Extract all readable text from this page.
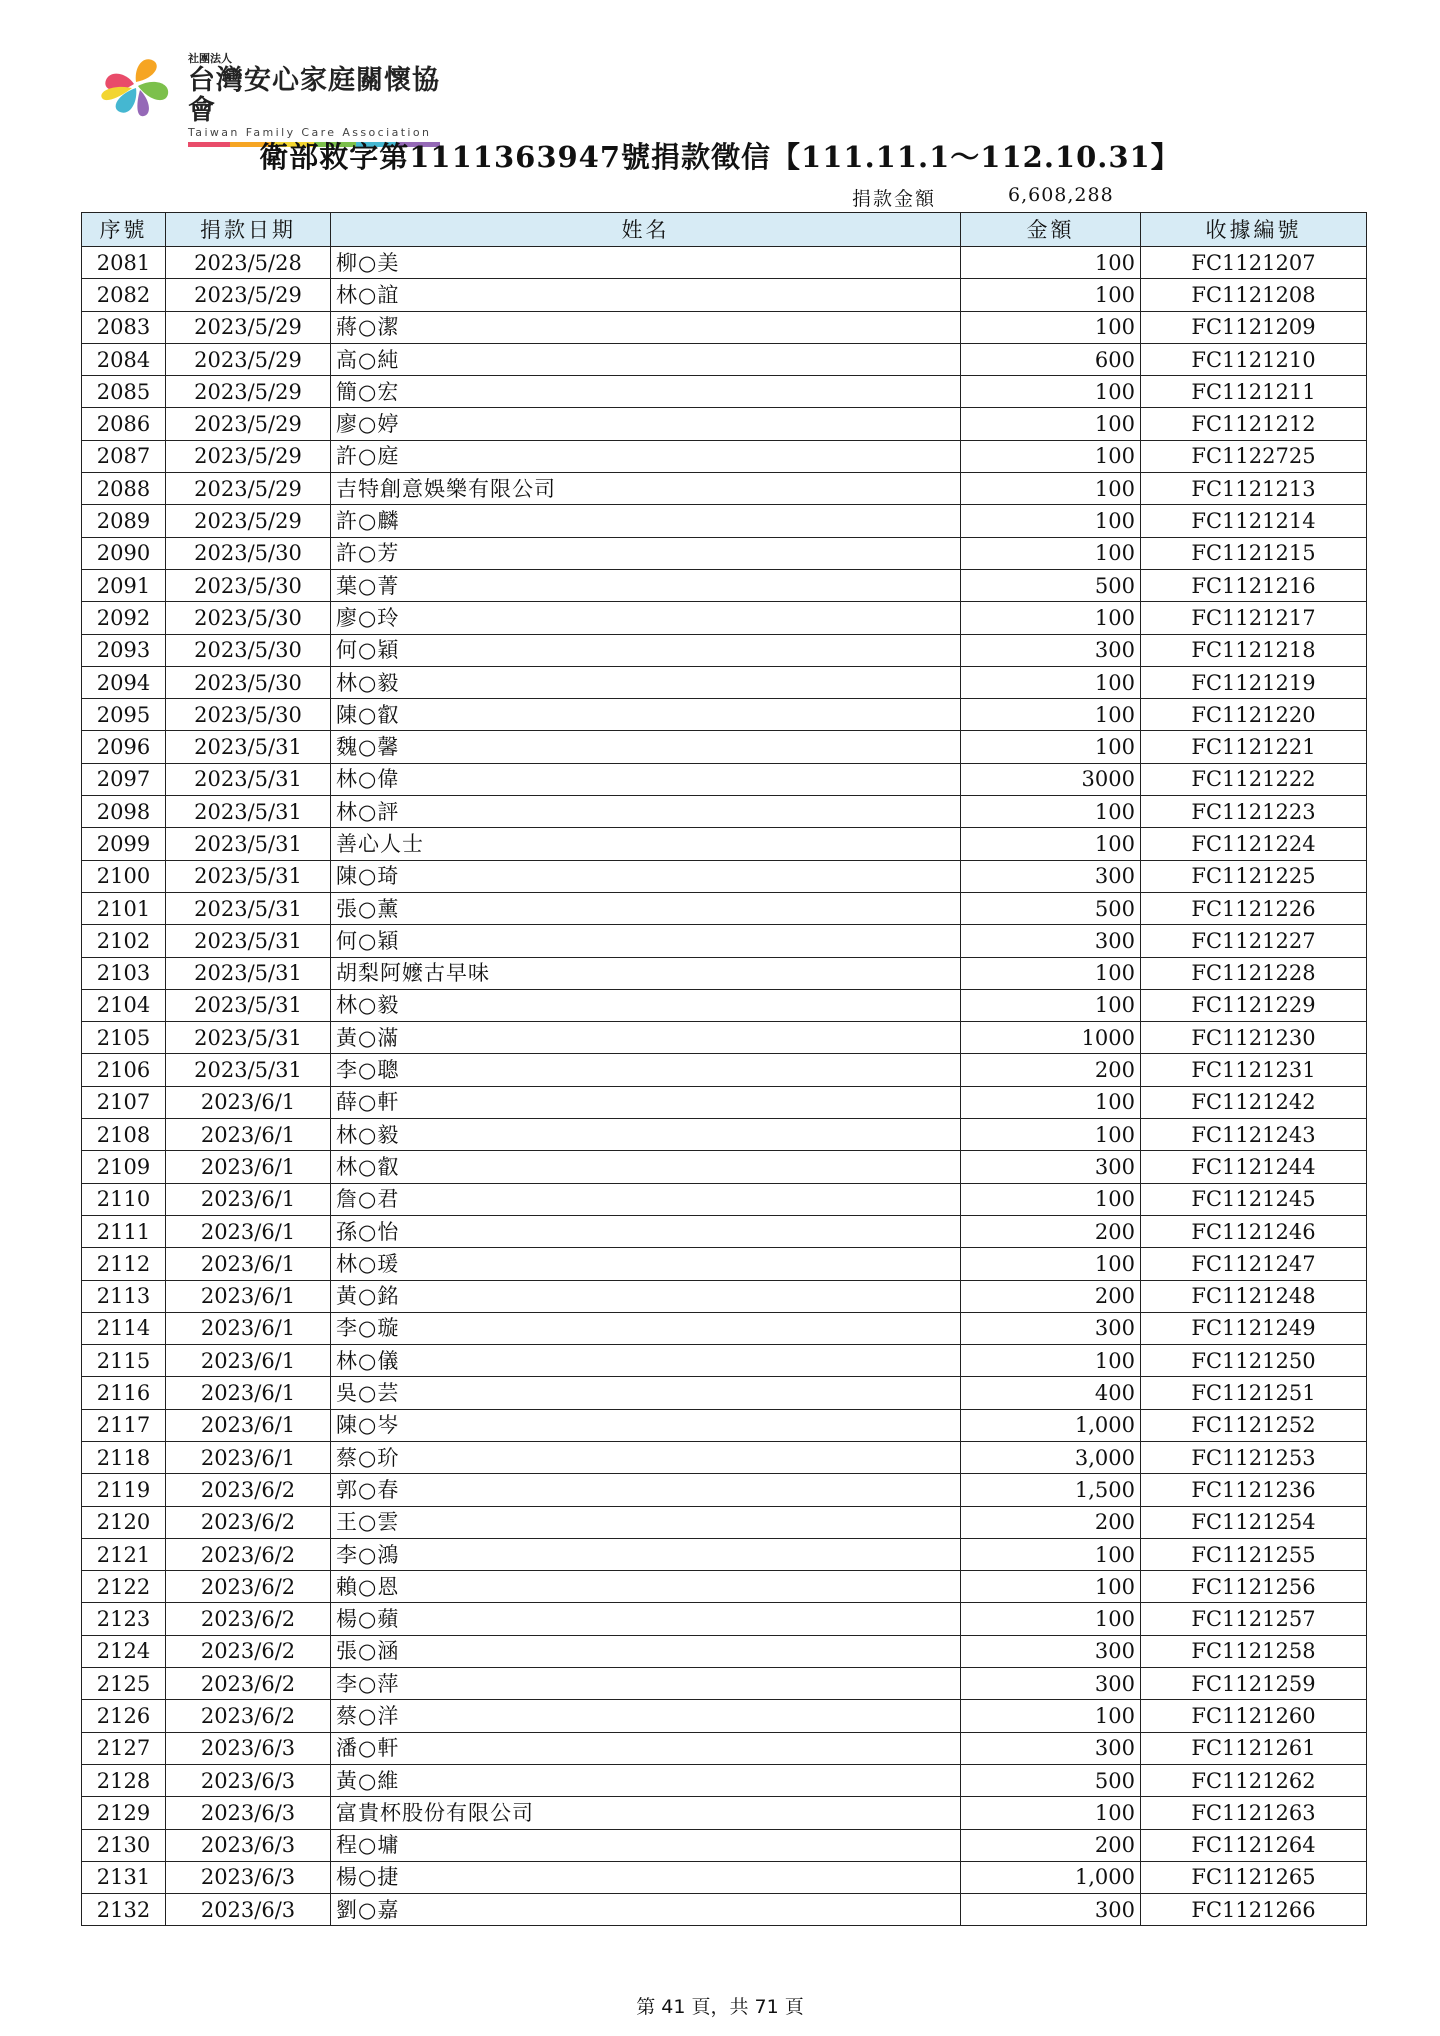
社團法人
台灣安心家庭關懷協會
Taiwan Family Care Association
衛部救字第1111363947號捐款徵信【111.11.1～112.10.31】
捐款金額	6,608,288
序號	捐款日期	姓名	金額	收據編號
2081	2023/5/28	柳○美	100	FC1121207
2082	2023/5/29	林○誼	100	FC1121208
2083	2023/5/29	蔣○潔	100	FC1121209
2084	2023/5/29	高○純	600	FC1121210
2085	2023/5/29	簡○宏	100	FC1121211
2086	2023/5/29	廖○婷	100	FC1121212
2087	2023/5/29	許○庭	100	FC1122725
2088	2023/5/29	吉特創意娛樂有限公司	100	FC1121213
2089	2023/5/29	許○麟	100	FC1121214
2090	2023/5/30	許○芳	100	FC1121215
2091	2023/5/30	葉○菁	500	FC1121216
2092	2023/5/30	廖○玲	100	FC1121217
2093	2023/5/30	何○穎	300	FC1121218
2094	2023/5/30	林○毅	100	FC1121219
2095	2023/5/30	陳○叡	100	FC1121220
2096	2023/5/31	魏○馨	100	FC1121221
2097	2023/5/31	林○偉	3000	FC1121222
2098	2023/5/31	林○評	100	FC1121223
2099	2023/5/31	善心人士	100	FC1121224
2100	2023/5/31	陳○琦	300	FC1121225
2101	2023/5/31	張○薰	500	FC1121226
2102	2023/5/31	何○穎	300	FC1121227
2103	2023/5/31	胡梨阿嬤古早味	100	FC1121228
2104	2023/5/31	林○毅	100	FC1121229
2105	2023/5/31	黃○滿	1000	FC1121230
2106	2023/5/31	李○聰	200	FC1121231
2107	2023/6/1	薛○軒	100	FC1121242
2108	2023/6/1	林○毅	100	FC1121243
2109	2023/6/1	林○叡	300	FC1121244
2110	2023/6/1	詹○君	100	FC1121245
2111	2023/6/1	孫○怡	200	FC1121246
2112	2023/6/1	林○瑗	100	FC1121247
2113	2023/6/1	黃○銘	200	FC1121248
2114	2023/6/1	李○璇	300	FC1121249
2115	2023/6/1	林○儀	100	FC1121250
2116	2023/6/1	吳○芸	400	FC1121251
2117	2023/6/1	陳○岑	1,000	FC1121252
2118	2023/6/1	蔡○玠	3,000	FC1121253
2119	2023/6/2	郭○春	1,500	FC1121236
2120	2023/6/2	王○雲	200	FC1121254
2121	2023/6/2	李○鴻	100	FC1121255
2122	2023/6/2	賴○恩	100	FC1121256
2123	2023/6/2	楊○蘋	100	FC1121257
2124	2023/6/2	張○涵	300	FC1121258
2125	2023/6/2	李○萍	300	FC1121259
2126	2023/6/2	蔡○洋	100	FC1121260
2127	2023/6/3	潘○軒	300	FC1121261
2128	2023/6/3	黃○維	500	FC1121262
2129	2023/6/3	富貴杯股份有限公司	100	FC1121263
2130	2023/6/3	程○墉	200	FC1121264
2131	2023/6/3	楊○捷	1,000	FC1121265
2132	2023/6/3	劉○嘉	300	FC1121266
第 41 頁，共 71 頁
